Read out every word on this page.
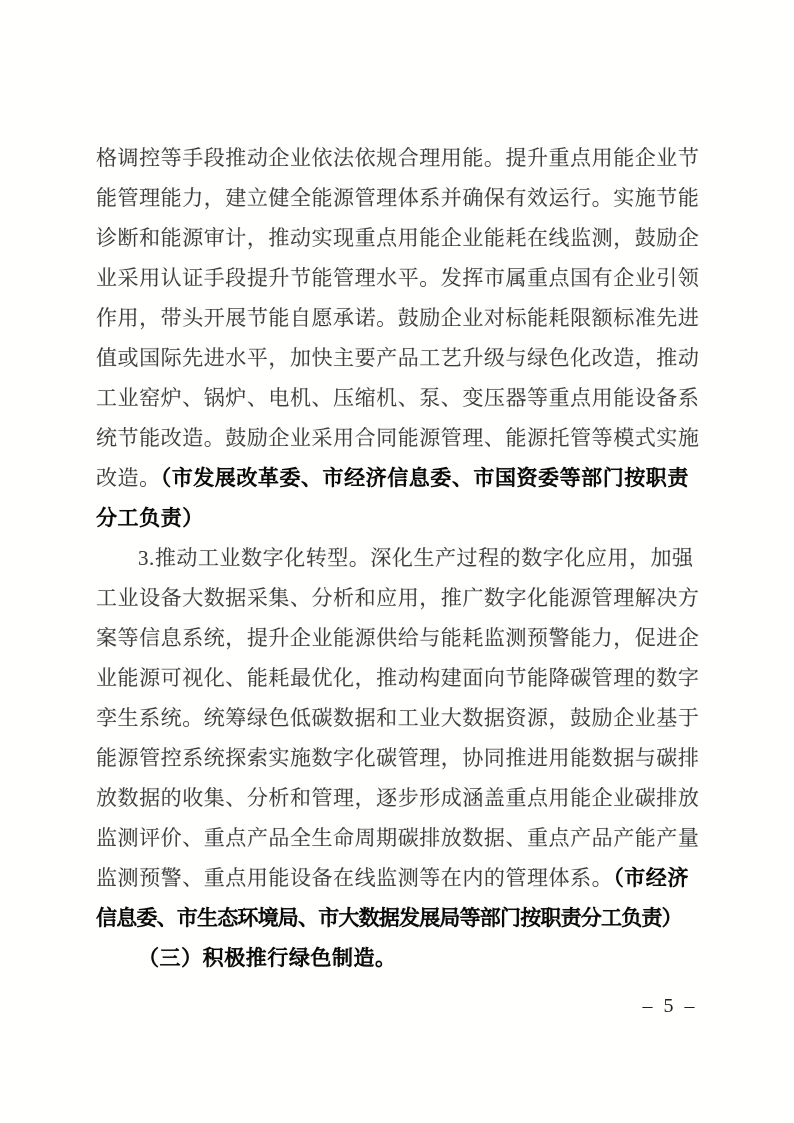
格调控等手段推动企业依法依规合理用能。提升重点用能企业节
能管理能力，建立健全能源管理体系并确保有效运行。实施节能
诊断和能源审计，推动实现重点用能企业能耗在线监测，鼓励企
业采用认证手段提升节能管理水平。发挥市属重点国有企业引领
作用，带头开展节能自愿承诺。鼓励企业对标能耗限额标准先进
值或国际先进水平，加快主要产品工艺升级与绿色化改造，推动
工业窑炉、锅炉、电机、压缩机、泵、变压器等重点用能设备系
统节能改造。鼓励企业采用合同能源管理、能源托管等模式实施
改造。（市发展改革委、市经济信息委、市国资委等部门按职责
分工负责）
3.推动工业数字化转型。深化生产过程的数字化应用，加强
工业设备大数据采集、分析和应用，推广数字化能源管理解决方
案等信息系统，提升企业能源供给与能耗监测预警能力，促进企
业能源可视化、能耗最优化，推动构建面向节能降碳管理的数字
孪生系统。统筹绿色低碳数据和工业大数据资源，鼓励企业基于
能源管控系统探索实施数字化碳管理，协同推进用能数据与碳排
放数据的收集、分析和管理，逐步形成涵盖重点用能企业碳排放
监测评价、重点产品全生命周期碳排放数据、重点产品产能产量
监测预警、重点用能设备在线监测等在内的管理体系。（市经济
信息委、市生态环境局、市大数据发展局等部门按职责分工负责）
（三）积极推行绿色制造。
– 5 –
